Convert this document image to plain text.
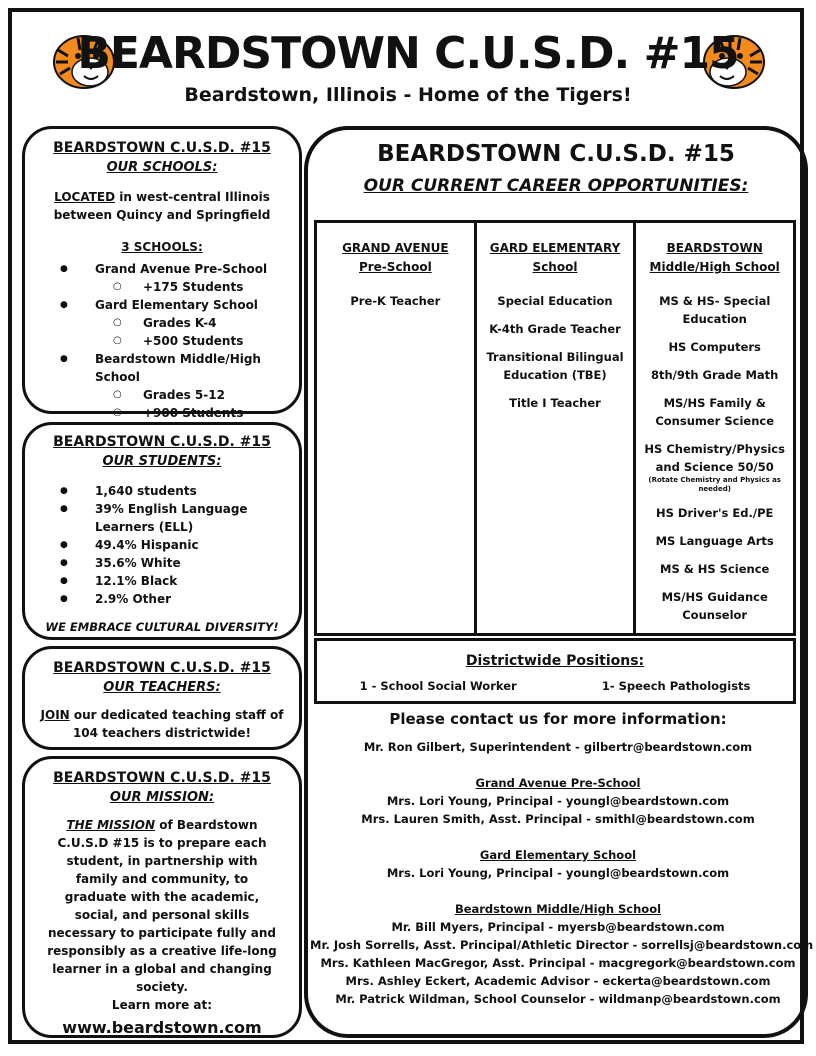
BEARDSTOWN C.U.S.D. #15
Beardstown, Illinois - Home of the Tigers!

BEARDSTOWN C.U.S.D. #15

OUR SCHOOLS:

LOCATED in west-central Illinois between Quincy and Springfield
3 SCHOOLS:
● Grand Avenue Pre-School
○ +175 Students
● Gard Elementary School
○ Grades K-4
○ +500 Students
● Beardstown Middle/High School
○ Grades 5-12
○ +900 Students

BEARDSTOWN C.U.S.D. #15

OUR STUDENTS:

● 1,640 students
● 39% English Language Learners (ELL)
● 49.4% Hispanic
● 35.6% White
● 12.1% Black
● 2.9% Other
WE EMBRACE CULTURAL DIVERSITY!

BEARDSTOWN C.U.S.D. #15

OUR TEACHERS:

JOIN our dedicated teaching staff of
104 teachers districtwide!

BEARDSTOWN C.U.S.D. #15

OUR MISSION:

THE MISSION of Beardstown C.U.S.D #15 is to prepare each student, in partnership with family and community, to graduate with the academic, social, and personal skills necessary to participate fully and responsibly as a creative life-long learner in a global and changing society.
Learn more at:
www.beardstown.com
BEARDSTOWN C.U.S.D. #15
OUR CURRENT CAREER OPPORTUNITIES:
GRAND AVENUE
Pre-School
Pre-K Teacher
GARD ELEMENTARY
School
Special Education
K-4th Grade Teacher
Transitional Bilingual Education (TBE)
Title I Teacher
BEARDSTOWN
Middle/High School
MS & HS- Special Education
HS Computers
8th/9th Grade Math
MS/HS Family & Consumer Science
HS Chemistry/Physics and Science 50/50
(Rotate Chemistry and Physics as needed)
HS Driver's Ed./PE
MS Language Arts
MS & HS Science
MS/HS Guidance Counselor
Districtwide Positions:
1 - School Social Worker	1- Speech Pathologists
Please contact us for more information:
Mr. Ron Gilbert, Superintendent - gilbertr@beardstown.com
Grand Avenue Pre-School
Mrs. Lori Young, Principal - youngl@beardstown.com
Mrs. Lauren Smith, Asst. Principal - smithl@beardstown.com
Gard Elementary School
Mrs. Lori Young, Principal - youngl@beardstown.com
Beardstown Middle/High School
Mr. Bill Myers, Principal - myersb@beardstown.com
Mr. Josh Sorrells, Asst. Principal/Athletic Director - sorrellsj@beardstown.com
Mrs. Kathleen MacGregor, Asst. Principal - macgregork@beardstown.com
Mrs. Ashley Eckert, Academic Advisor - eckerta@beardstown.com
Mr. Patrick Wildman, School Counselor - wildmanp@beardstown.com
